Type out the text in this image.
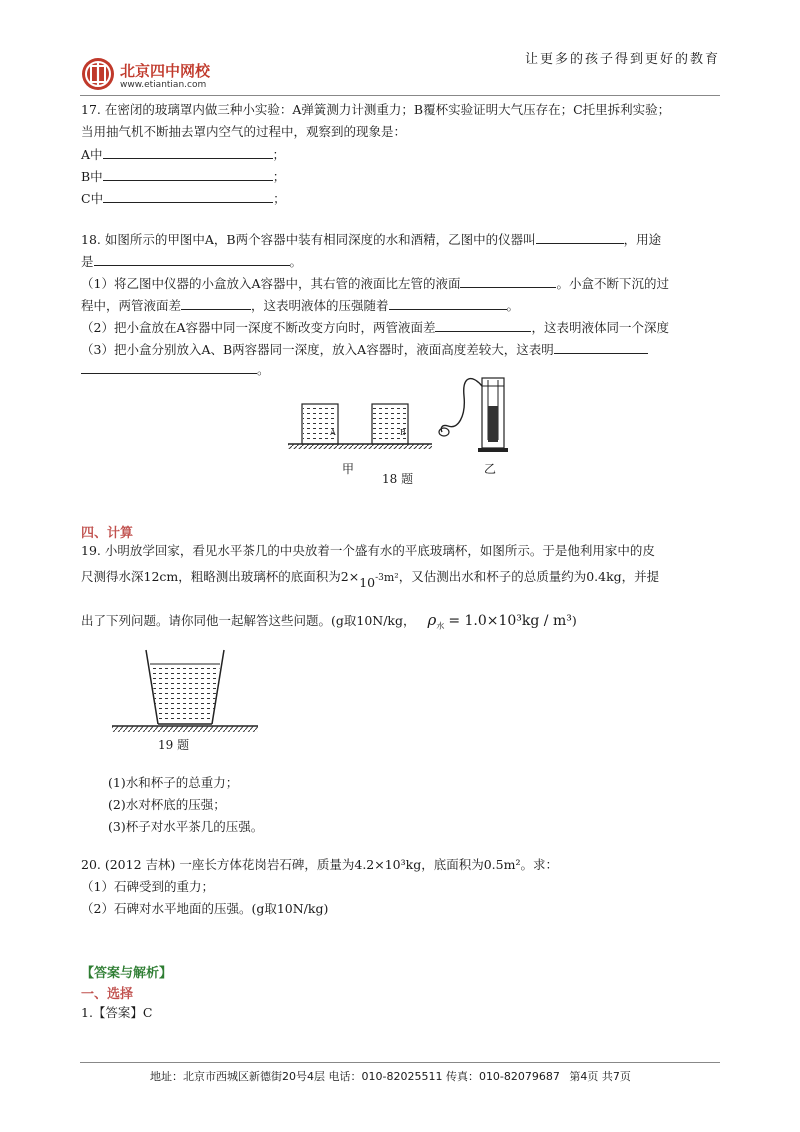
北京四中网校
www.etiantian.com
让更多的孩子得到更好的教育
17. 在密闭的玻璃罩内做三种小实验：A弹簧测力计测重力；B覆杯实验证明大气压存在；C托里拆利实验；
当用抽气机不断抽去罩内空气的过程中，观察到的现象是：
A中	；
B中	；
C中	；
18. 如图所示的甲图中A，B两个容器中装有相同深度的水和酒精，乙图中的仪器叫	，用途
是	。
（1）将乙图中仪器的小盒放入A容器中，其右管的液面比左管的液面	。小盒不断下沉的过
程中，两管液面差	，这表明液体的压强随着	。
（2）把小盒放在A容器中同一深度不断改变方向时，两管液面差	，这表明液体同一个深度
（3）把小盒分别放入A、B两容器同一深度，放入A容器时，液面高度差较大，这表明
。
A	B
甲
18 题
乙
四、计算
19. 小明放学回家，看见水平茶几的中央放着一个盛有水的平底玻璃杯，如图所示。于是他利用家中的皮
尺测得水深12cm，粗略测出玻璃杯的底面积为$2\times 10^{-3}m^2$，又估测出水和杯子的总质量约为0.4kg，并提
出了下列问题。请你同他一起解答这些问题。(g取10N/kg， $\rho_水 = 1.0\times 10^3kg / m^3$)
19 题
(1)水和杯子的总重力；
(2)水对杯底的压强；
(3)杯子对水平茶几的压强。
20. (2012 吉林) 一座长方体花岗岩石碑，质量为4.2×10³kg，底面积为0.5m²。求：
（1）石碑受到的重力；
（2）石碑对水平地面的压强。(g取10N/kg)
【答案与解析】
一、选择
1.【答案】C
地址：北京市西城区新德街20号4层 电话：010-82025511 传真：010-82079687 第4页 共7页
